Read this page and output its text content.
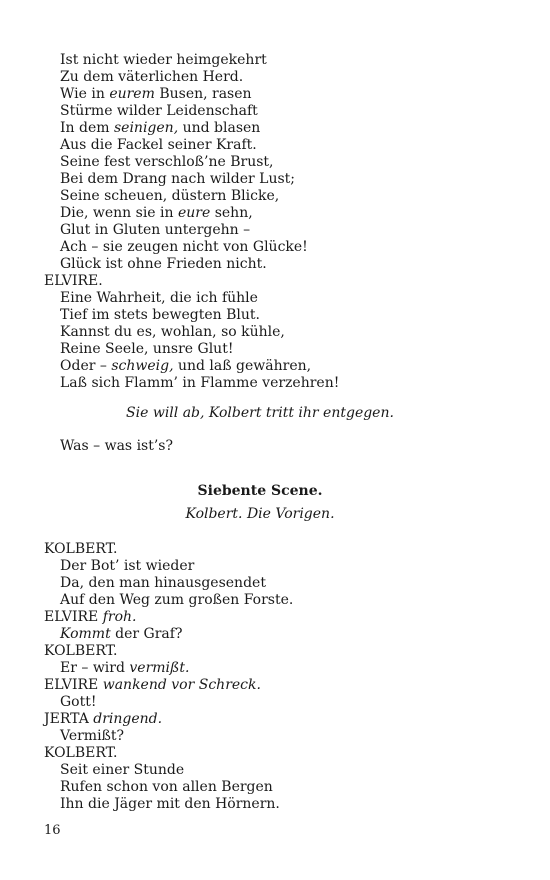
Ist nicht wieder heimgekehrt
Zu dem väterlichen Herd.
Wie in eurem Busen, rasen
Stürme wilder Leidenschaft
In dem seinigen, und blasen
Aus die Fackel seiner Kraft.
Seine fest verschloß’ne Brust,
Bei dem Drang nach wilder Lust;
Seine scheuen, düstern Blicke,
Die, wenn sie in eure sehn,
Glut in Gluten untergehn –
Ach – sie zeugen nicht von Glücke!
Glück ist ohne Frieden nicht.
ELVIRE.
Eine Wahrheit, die ich fühle
Tief im stets bewegten Blut.
Kannst du es, wohlan, so kühle,
Reine Seele, unsre Glut!
Oder – schweig, und laß gewähren,
Laß sich Flamm’ in Flamme verzehren!
Sie will ab, Kolbert tritt ihr entgegen.
Was – was ist’s?
Siebente Scene.
Kolbert. Die Vorigen.
KOLBERT.
Der Bot’ ist wieder
Da, den man hinausgesendet
Auf den Weg zum großen Forste.
ELVIRE froh.
Kommt der Graf?
KOLBERT.
Er – wird vermißt.
ELVIRE wankend vor Schreck.
Gott!
JERTA dringend.
Vermißt?
KOLBERT.
Seit einer Stunde
Rufen schon von allen Bergen
Ihn die Jäger mit den Hörnern.
16
